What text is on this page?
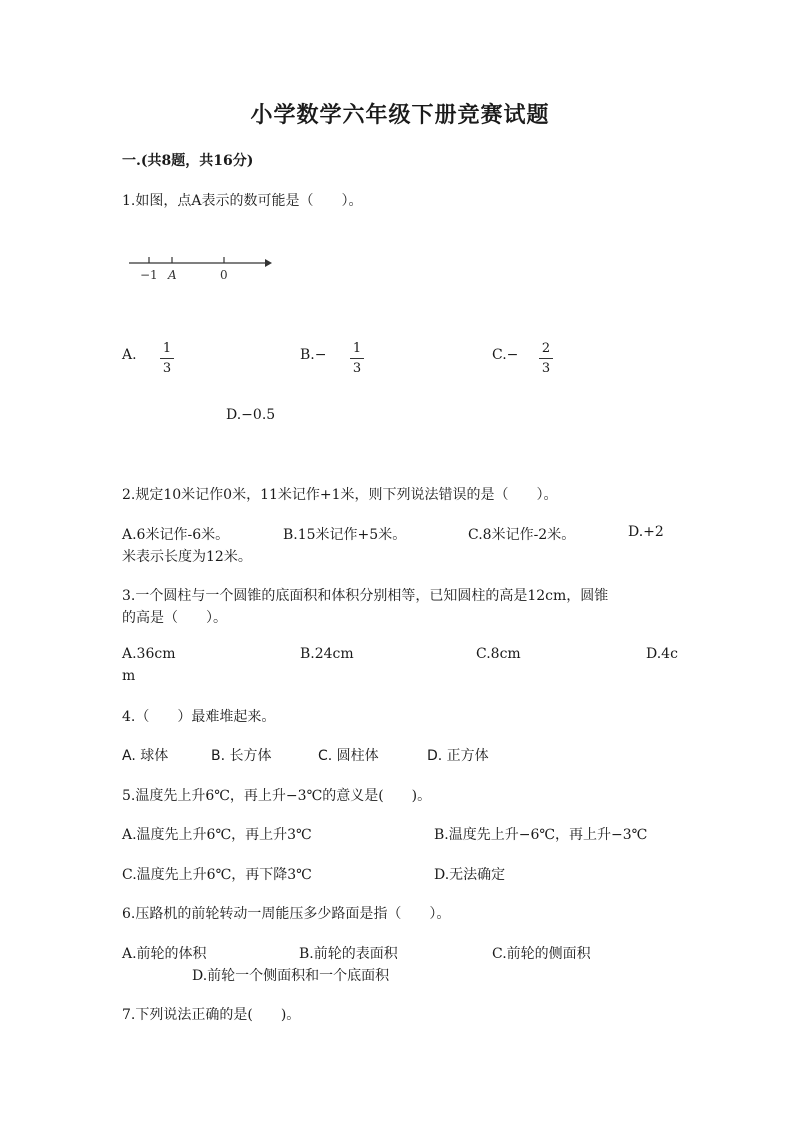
小学数学六年级下册竞赛试题
一.(共8题，共16分)
1.如图，点A表示的数可能是（　　）。
−1 A	0
A. 1
3
B.− 1
3
C.− 2
3
D.−0.5
2.规定10米记作0米，11米记作+1米，则下列说法错误的是（　　）。
A.6米记作-6米。	B.15米记作+5米。	C.8米记作-2米。	D.+2
米表示长度为12米。
3.一个圆柱与一个圆锥的底面积和体积分别相等，已知圆柱的高是12cm，圆锥
的高是（　　）。
A.36cm	B.24cm	C.8cm	D.4c
m
4.（　　）最难堆起来。
A. 球体	B. 长方体	C. 圆柱体	D. 正方体
5.温度先上升6℃，再上升−3℃的意义是(　　)。
A.温度先上升6℃，再上升3℃	B.温度先上升−6℃，再上升−3℃
C.温度先上升6℃，再下降3℃	D.无法确定
6.压路机的前轮转动一周能压多少路面是指（　　）。
A.前轮的体积	B.前轮的表面积	C.前轮的侧面积
D.前轮一个侧面积和一个底面积
7.下列说法正确的是(　　)。
